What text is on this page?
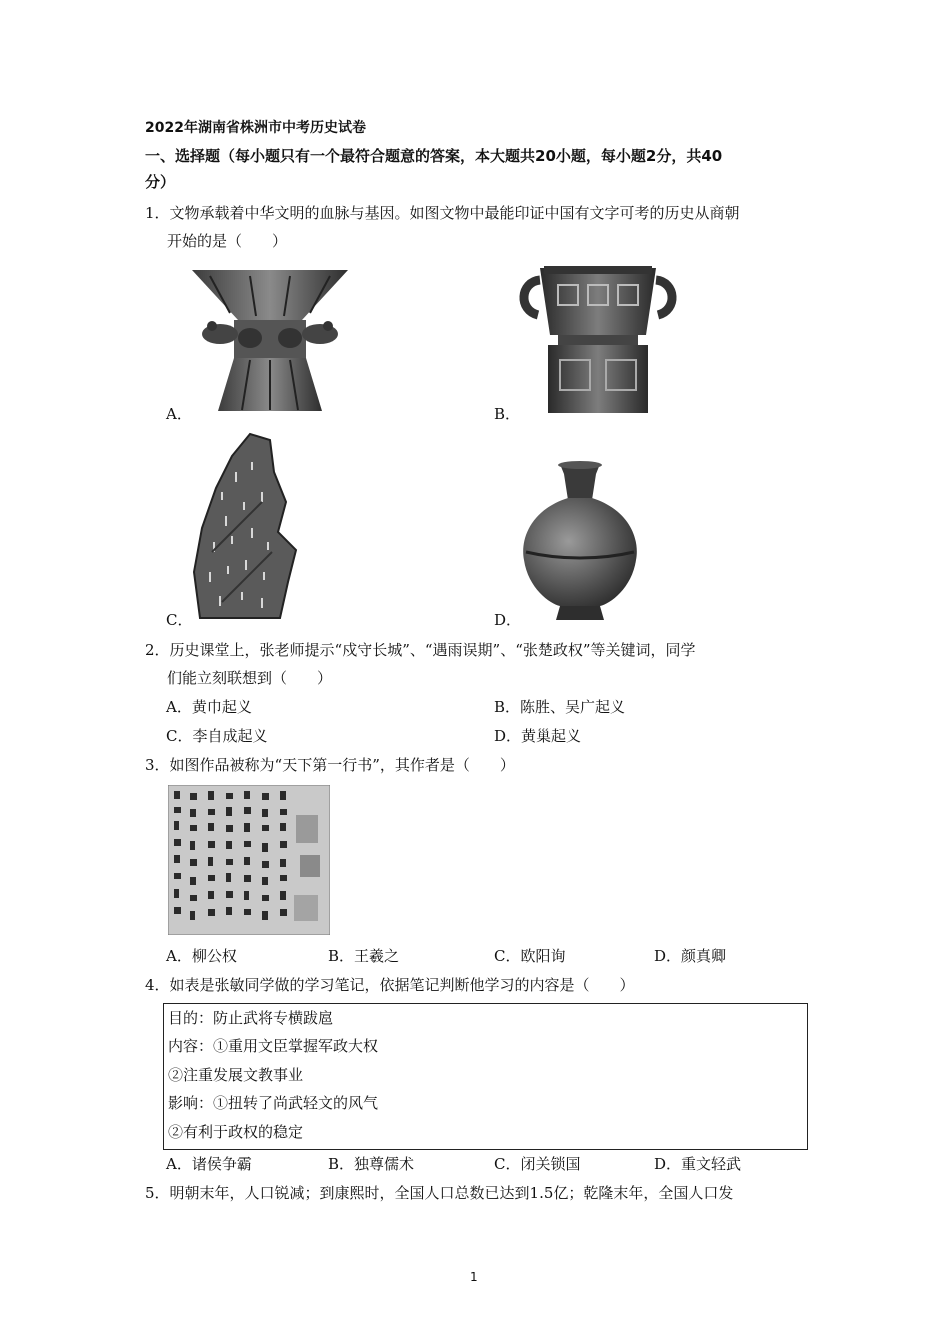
2022年湖南省株洲市中考历史试卷
一、选择题（每小题只有一个最符合题意的答案，本大题共20小题，每小题2分，共40
分）
1．文物承载着中华文明的血脉与基因。如图文物中最能印证中国有文字可考的历史从商朝
开始的是（　　）
A．	B．
C．	D．
2．历史课堂上，张老师提示“戍守长城”、“遇雨误期”、“张楚政权”等关键词，同学
们能立刻联想到（　　）
A．黄巾起义	B．陈胜、吴广起义
C．李自成起义	D．黄巢起义
3．如图作品被称为“天下第一行书”，其作者是（　　）
A．柳公权	B．王羲之	C．欧阳询	D．颜真卿
4．如表是张敏同学做的学习笔记，依据笔记判断他学习的内容是（　　）
目的：防止武将专横跋扈
内容：①重用文臣掌握军政大权
②注重发展文教事业
影响：①扭转了尚武轻文的风气
②有利于政权的稳定
A．诸侯争霸	B．独尊儒术	C．闭关锁国	D．重文轻武
5．明朝末年，人口锐减；到康熙时，全国人口总数已达到1.5亿；乾隆末年，全国人口发
1
